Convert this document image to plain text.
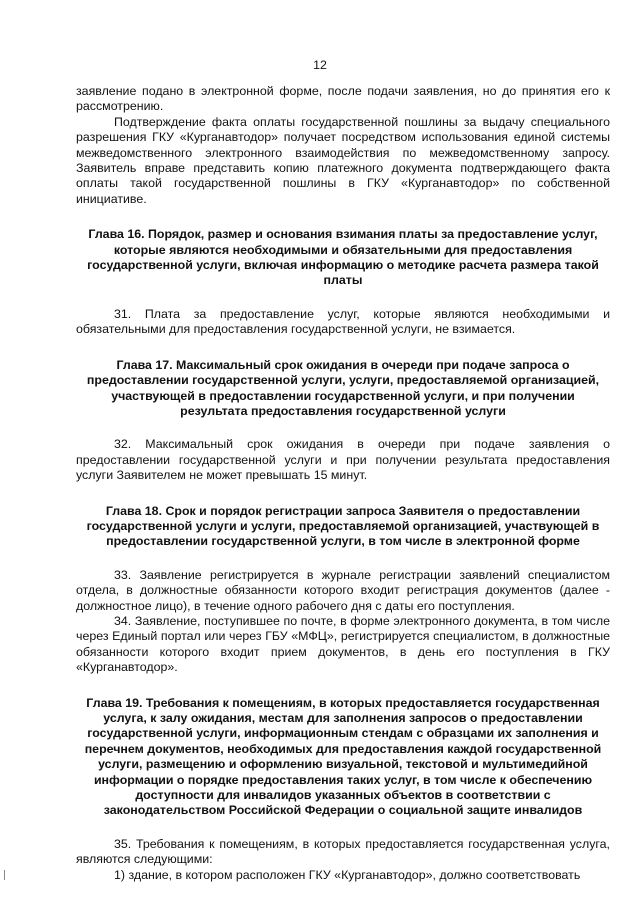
12

заявление подано в электронной форме, после подачи заявления, но до принятия его к рассмотрению.

Подтверждение факта оплаты государственной пошлины за выдачу специального разрешения ГКУ «Курганавтодор» получает посредством использования единой системы межведомственного электронного взаимодействия по межведомственному запросу. Заявитель вправе представить копию платежного документа подтверждающего факта оплаты такой государственной пошлины в ГКУ «Курганавтодор» по собственной инициативе.

Глава 16. Порядок, размер и основания взимания платы за предоставление услуг, которые являются необходимыми и обязательными для предоставления государственной услуги, включая информацию о методике расчета размера такой платы

31. Плата за предоставление услуг, которые являются необходимыми и обязательными для предоставления государственной услуги, не взимается.

Глава 17. Максимальный срок ожидания в очереди при подаче запроса о предоставлении государственной услуги, услуги, предоставляемой организацией, участвующей в предоставлении государственной услуги, и при получении результата предоставления государственной услуги

32. Максимальный срок ожидания в очереди при подаче заявления о предоставлении государственной услуги и при получении результата предоставления услуги Заявителем не может превышать 15 минут.

Глава 18. Срок и порядок регистрации запроса Заявителя о предоставлении государственной услуги и услуги, предоставляемой организацией, участвующей в предоставлении государственной услуги, в том числе в электронной форме

33. Заявление регистрируется в журнале регистрации заявлений специалистом отдела, в должностные обязанности которого входит регистрация документов (далее - должностное лицо), в течение одного рабочего дня с даты его поступления.

34. Заявление, поступившее по почте, в форме электронного документа, в том числе через Единый портал или через ГБУ «МФЦ», регистрируется специалистом, в должностные обязанности которого входит прием документов, в день его поступления в ГКУ «Курганавтодор».

Глава 19. Требования к помещениям, в которых предоставляется государственная услуга, к залу ожидания, местам для заполнения запросов о предоставлении государственной услуги, информационным стендам с образцами их заполнения и перечнем документов, необходимых для предоставления каждой государственной услуги, размещению и оформлению визуальной, текстовой и мультимедийной информации о порядке предоставления таких услуг, в том числе к обеспечению доступности для инвалидов указанных объектов в соответствии с законодательством Российской Федерации о социальной защите инвалидов

35. Требования к помещениям, в которых предоставляется государственная услуга, являются следующими:

1) здание, в котором расположен ГКУ «Курганавтодор», должно соответствовать
